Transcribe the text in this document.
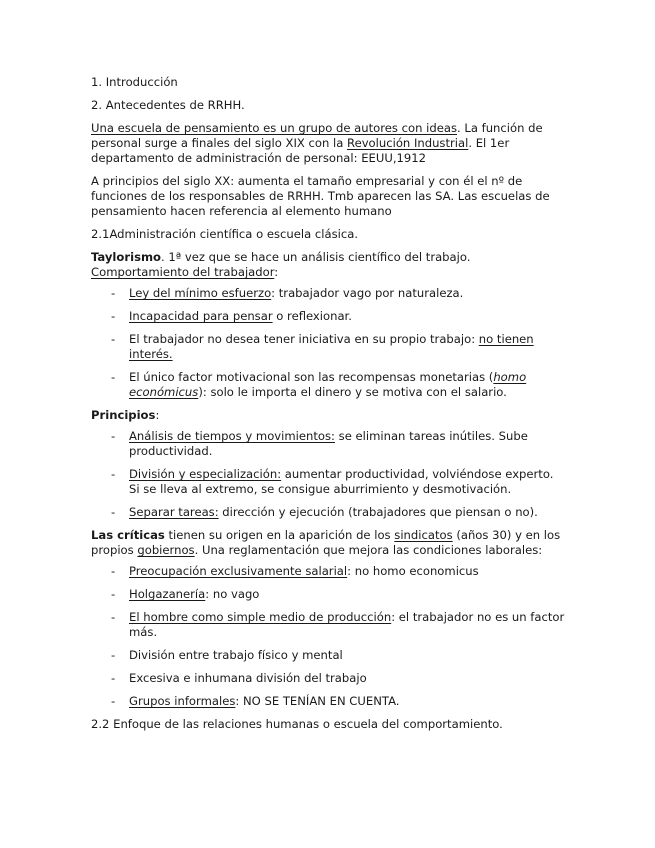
1. Introducción

2. Antecedentes de RRHH.

Una escuela de pensamiento es un grupo de autores con ideas. La función de personal surge a finales del siglo XIX con la Revolución Industrial. El 1er departamento de administración de personal: EEUU,1912

A principios del siglo XX: aumenta el tamaño empresarial y con él el nº de funciones de los responsables de RRHH. Tmb aparecen las SA. Las escuelas de pensamiento hacen referencia al elemento humano

2.1Administración científica o escuela clásica.

Taylorismo. 1ª vez que se hace un análisis científico del trabajo. Comportamiento del trabajador:

- Ley del mínimo esfuerzo: trabajador vago por naturaleza.
- Incapacidad para pensar o reflexionar.
- El trabajador no desea tener iniciativa en su propio trabajo: no tienen interés.
- El único factor motivacional son las recompensas monetarias (homo económicus): solo le importa el dinero y se motiva con el salario.

Principios:

- Análisis de tiempos y movimientos: se eliminan tareas inútiles. Sube productividad.
- División y especialización: aumentar productividad, volviéndose experto. Si se lleva al extremo, se consigue aburrimiento y desmotivación.
- Separar tareas: dirección y ejecución (trabajadores que piensan o no).

Las críticas tienen su origen en la aparición de los sindicatos (años 30) y en los propios gobiernos. Una reglamentación que mejora las condiciones laborales:

- Preocupación exclusivamente salarial: no homo economicus
- Holgazanería: no vago
- El hombre como simple medio de producción: el trabajador no es un factor más.
- División entre trabajo físico y mental
- Excesiva e inhumana división del trabajo
- Grupos informales: NO SE TENÍAN EN CUENTA.

2.2 Enfoque de las relaciones humanas o escuela del comportamiento.
